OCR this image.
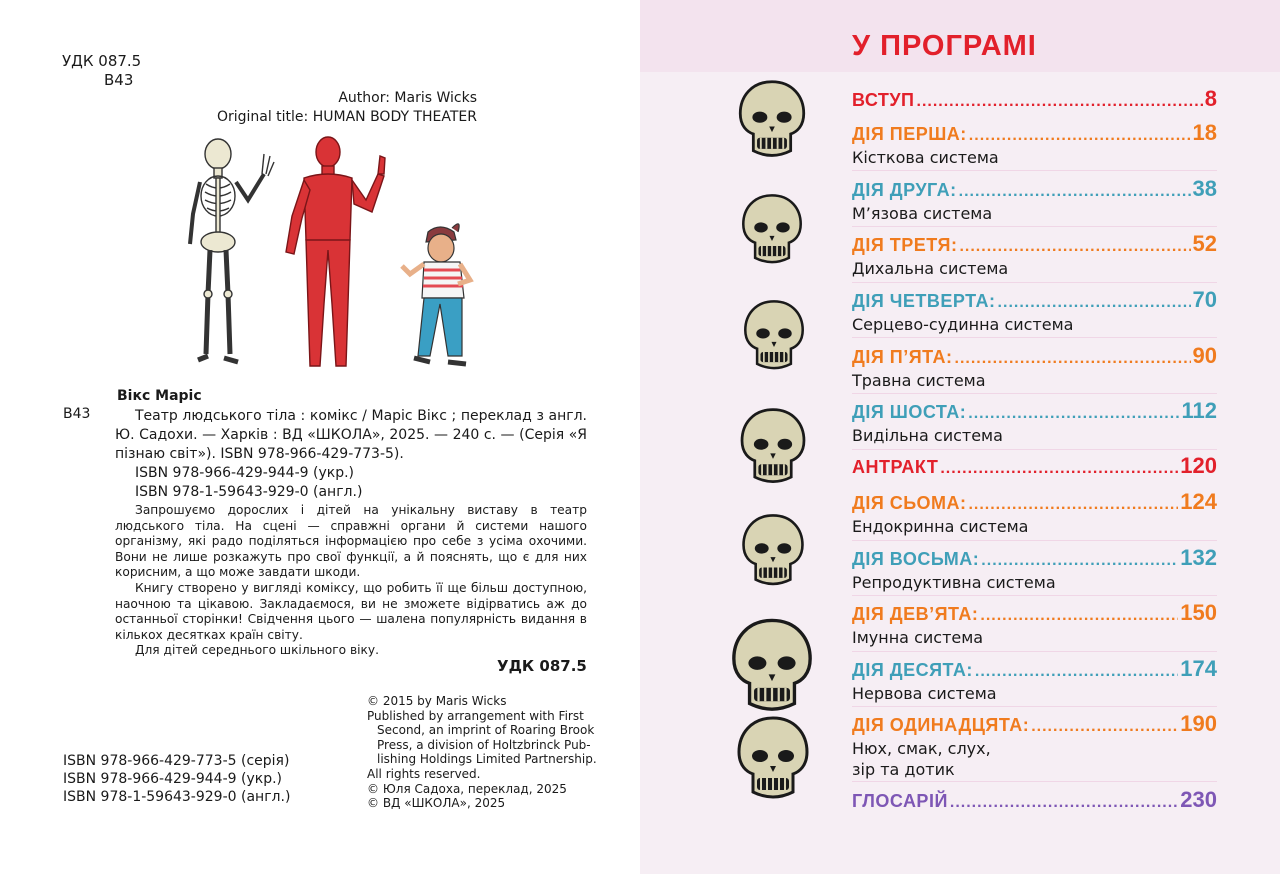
УДК 087.5
В43
Author: Maris Wicks
Original title: HUMAN BODY THEATER
Вікс Маріс
В43	Театр людського тіла : комікс / Маріс Вікс ; переклад з англ. Ю. Садохи. — Харків : ВД «ШКОЛА», 2025. — 240 с. — (Серія «Я пізнаю світ»). ISBN 978-966-429-773-5).

ISBN 978-966-429-944-9 (укр.)

ISBN 978-1-59643-929-0 (англ.)

Запрошуємо дорослих і дітей на унікальну виставу в театр людського тіла. На сцені — справжні органи й системи нашого організму, які радо поділяться інформацією про себе з усіма охочими. Вони не лише розкажуть про свої функції, а й пояснять, що є для них корисним, а що може завдати шкоди.

Книгу створено у вигляді коміксу, що робить її ще більш доступною, наочною та цікавою. Закладаємося, ви не зможете відірватись аж до останньої сторінки! Свідчення цього — шалена популярність видання в кількох десятках країн світу.

Для дітей середнього шкільного віку.

УДК 087.5
ISBN 978-966-429-773-5 (серія)
ISBN 978-966-429-944-9 (укр.)
ISBN 978-1-59643-929-0 (англ.)
© 2015 by Maris Wicks
Published by arrangement with First
Second, an imprint of Roaring Brook
Press, a division of Holtzbrinck Pub-
lishing Holdings Limited Partnership.
All rights reserved.
© Юля Садоха, переклад, 2025
© ВД «ШКОЛА», 2025
У ПРОГРАМІ
ВСТУП .....	8
ДІЯ ПЕРША: .....	18
Кісткова система
ДІЯ ДРУГА: .....	38
М’язова система
ДІЯ ТРЕТЯ: .....	52
Дихальна система
ДІЯ ЧЕТВЕРТА: .....	70
Серцево-судинна система
ДІЯ П’ЯТА: .....	90
Травна система
ДІЯ ШОСТА: .....	112
Видільна система
АНТРАКТ .....	120
ДІЯ СЬОМА: .....	124
Ендокринна система
ДІЯ ВОСЬМА: .....	132
Репродуктивна система
ДІЯ ДЕВ’ЯТА: .....	150
Імунна система
ДІЯ ДЕСЯТА: .....	174
Нервова система
ДІЯ ОДИНАДЦЯТА: .....	190
Нюх, смак, слух,
зір та дотик
ГЛОСАРІЙ .....	230
